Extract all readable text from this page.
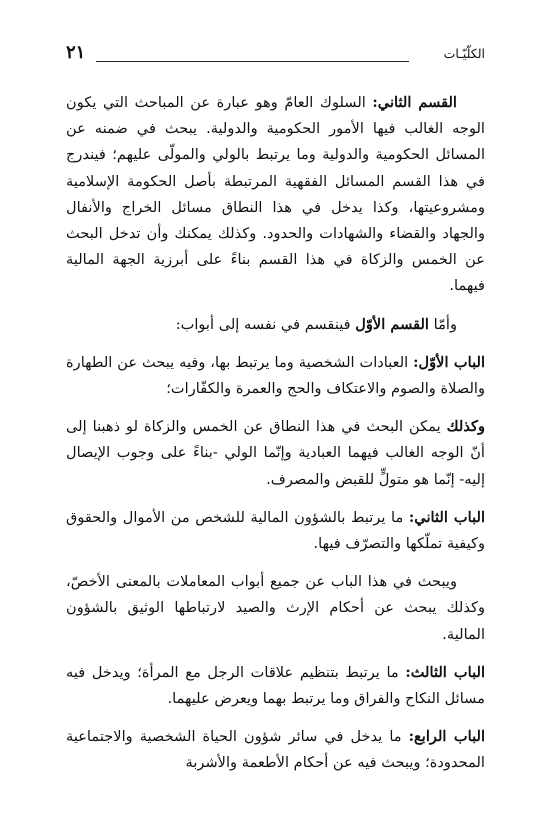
٢١	الكلّيّـات

القسم الثاني: السلوك العامّ وهو عبارة عن المباحث التي يكون الوجه الغالب فيها الأمور الحكومية والدولية. يبحث في ضمنه عن المسائل الحكومية والدولية وما يرتبط بالولي والمولّى عليهم؛ فيندرج في هذا القسم المسائل الفقهية المرتبطة بأصل الحكومة الإسلامية ومشروعيتها، وكذا يدخل في هذا النطاق مسائل الخراج والأنفال والجهاد والقضاء والشهادات والحدود. وكذلك يمكنك وأن تدخل البحث عن الخمس والزكاة في هذا القسم بناءً على أبرزية الجهة المالية فيهما.

وأمّا القسم الأوّل فينقسم في نفسه إلى أبواب:

الباب الأوّل: العبادات الشخصية وما يرتبط بها، وفيه يبحث عن الطهارة والصلاة والصوم والاعتكاف والحج والعمرة والكفّارات؛

وكذلك يمكن البحث في هذا النطاق عن الخمس والزكاة لو ذهبنا إلى أنّ الوجه الغالب فيهما العبادية وإنّما الولي -بناءً على وجوب الإيصال إليه- إنّما هو متولٍّ للقبض والمصرف.

الباب الثاني: ما يرتبط بالشؤون المالية للشخص من الأموال والحقوق وكيفية تملّكها والتصرّف فيها.

ويبحث في هذا الباب عن جميع أبواب المعاملات بالمعنى الأخصّ، وكذلك يبحث عن أحكام الإرث والصيد لارتباطها الوثيق بالشؤون المالية.

الباب الثالث: ما يرتبط بتنظيم علاقات الرجل مع المرأة؛ ويدخل فيه مسائل النكاح والفراق وما يرتبط بهما ويعرض عليهما.

الباب الرابع: ما يدخل في سائر شؤون الحياة الشخصية والاجتماعية المحدودة؛ ويبحث فيه عن أحكام الأطعمة والأشربة
